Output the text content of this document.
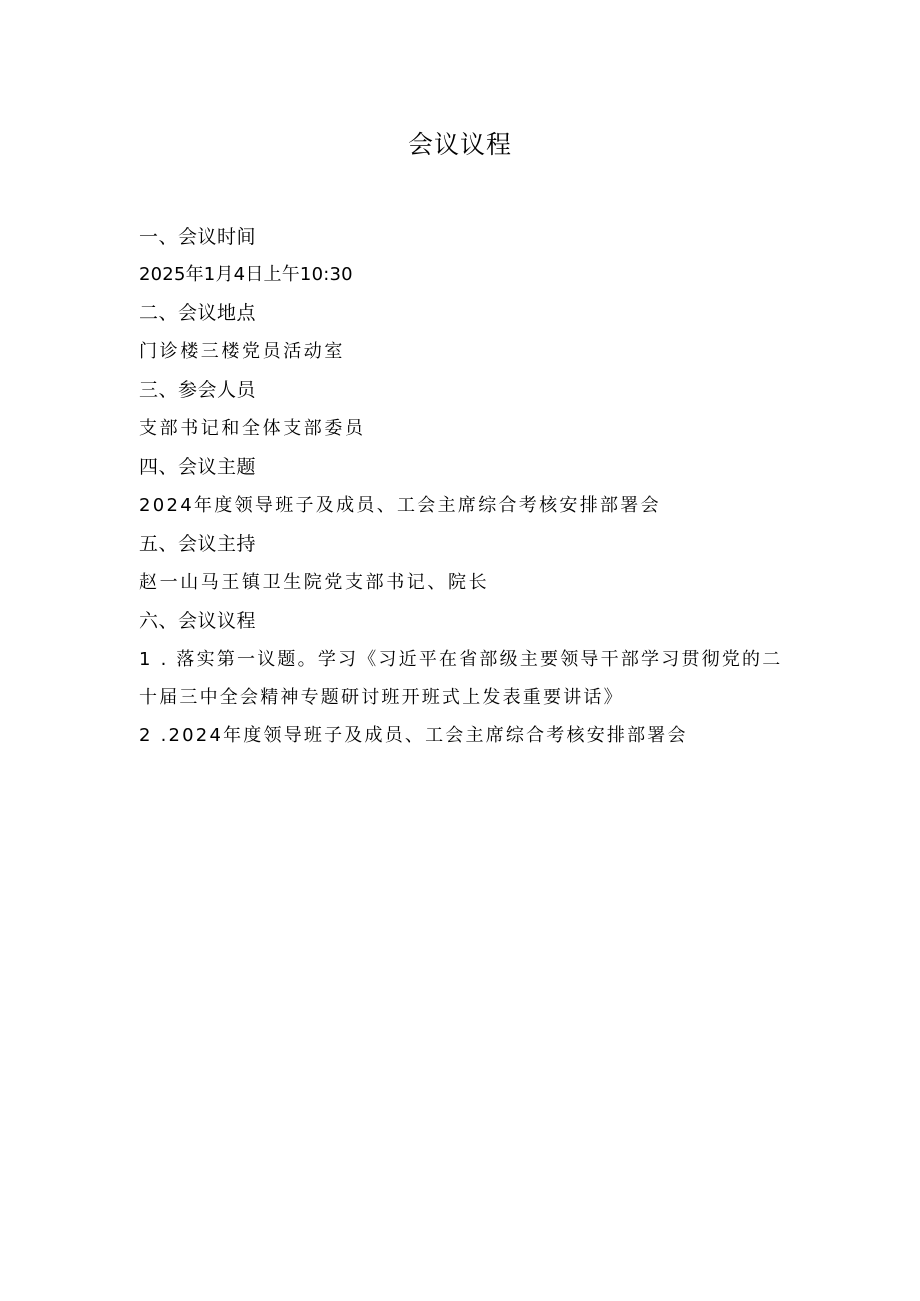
会议议程
一、会议时间
2025年1月4日上午10:30
二、会议地点
门诊楼三楼党员活动室
三、参会人员
支部书记和全体支部委员
四、会议主题
2024年度领导班子及成员、工会主席综合考核安排部署会
五、会议主持
赵一山马王镇卫生院党支部书记、院长
六、会议议程
1 . 落实第一议题。学习《习近平在省部级主要领导干部学习贯彻党的二
十届三中全会精神专题研讨班开班式上发表重要讲话》
2 .2024年度领导班子及成员、工会主席综合考核安排部署会
